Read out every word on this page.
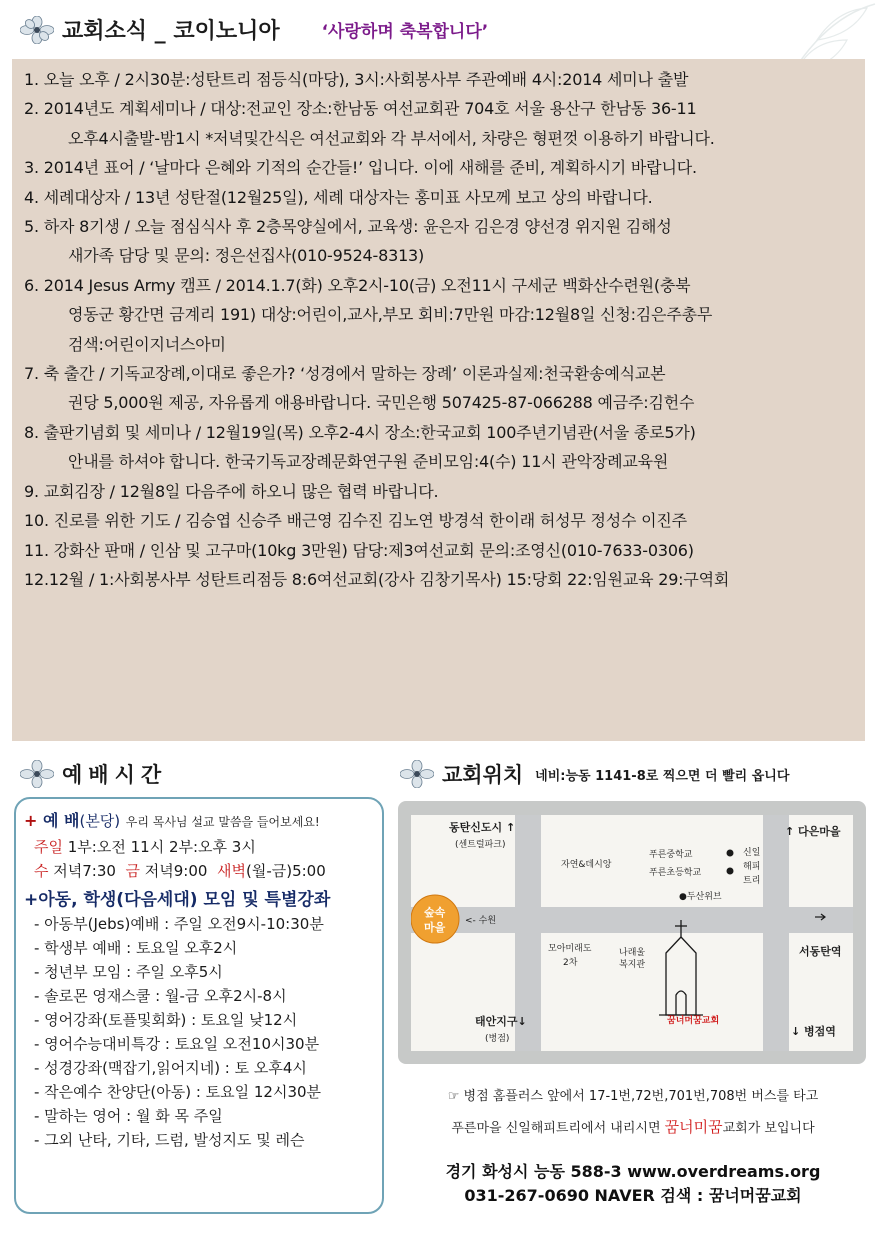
교회소식 _ 코이노니아 ‘사랑하며 축복합니다’
1. 오늘 오후 / 2시30분:성탄트리 점등식(마당), 3시:사회봉사부 주관예배 4시:2014 세미나 출발
2. 2014년도 계획세미나 / 대상:전교인 장소:한남동 여선교회관 704호 서울 용산구 한남동 36-11
오후4시출발-밤1시 *저녁및간식은 여선교회와 각 부서에서, 차량은 형편껏 이용하기 바랍니다.
3. 2014년 표어 / ‘날마다 은혜와 기적의 순간들!’ 입니다. 이에 새해를 준비, 계획하시기 바랍니다.
4. 세례대상자 / 13년 성탄절(12월25일), 세례 대상자는 홍미표 사모께 보고 상의 바랍니다.
5. 하자 8기생 / 오늘 점심식사 후 2층목양실에서, 교육생: 윤은자 김은경 양선경 위지원 김해성
새가족 담당 및 문의: 정은선집사(010-9524-8313)
6. 2014 Jesus Army 캠프 / 2014.1.7(화) 오후2시-10(금) 오전11시 구세군 백화산수련원(충북
영동군 황간면 금계리 191) 대상:어린이,교사,부모 회비:7만원 마감:12월8일 신청:김은주총무
검색:어린이지너스아미
7. 축 출간 / 기독교장례,이대로 좋은가? ‘성경에서 말하는 장례’ 이론과실제:천국환송예식교본
권당 5,000원 제공, 자유롭게 애용바랍니다. 국민은행 507425-87-066288 예금주:김헌수
8. 출판기념회 및 세미나 / 12월19일(목) 오후2-4시 장소:한국교회 100주년기념관(서울 종로5가)
안내를 하셔야 합니다. 한국기독교장례문화연구원 준비모임:4(수) 11시 관악장례교육원
9. 교회김장 / 12월8일 다음주에 하오니 많은 협력 바랍니다.
10. 진로를 위한 기도 / 김승엽 신승주 배근영 김수진 김노연 방경석 한이래 허성무 정성수 이진주
11. 강화산 판매 / 인삼 및 고구마(10kg 3만원) 담당:제3여선교회 문의:조영신(010-7633-0306)
12.12월 / 1:사회봉사부 성탄트리점등 8:6여선교회(강사 김창기목사) 15:당회 22:임원교육 29:구역회
예배시간	교회위치 네비:능동 1141-8로 찍으면 더 빨리 옵니다
+ 예 배(본당) 우리 목사님 설교 말씀을 들어보세요!
주일 1부:오전 11시 2부:오후 3시
수 저녁7:30 금 저녁9:00 새벽(월-금)5:00
+아동, 학생(다음세대) 모임 및 특별강좌
- 아동부(Jebs)예배 : 주일 오전9시-10:30분
- 학생부 예배 : 토요일 오후2시
- 청년부 모임 : 주일 오후5시
- 솔로몬 영재스쿨 : 월-금 오후2시-8시
- 영어강좌(토플및회화) : 토요일 낮12시
- 영어수능대비특강 : 토요일 오전10시30분
- 성경강좌(맥잡기,읽어지네) : 토 오후4시
- 작은예수 찬양단(아동) : 토요일 12시30분
- 말하는 영어 : 월 화 목 주일
- 그외 난타, 기타, 드럼, 발성지도 및 레슨
동탄신도시 ↑
(센트럴파크)
자연&데시앙
푸른중학교
푸른초등학교
신일
해피
트리
↑ 다은마을
<- 수원
●두산위브
숲속
마을
모아미래도
2차
나래울
복지관
서동탄역
꿈너머꿈교회
태안지구↓
(병점)
↓ 병점역
☞ 병점 홈플러스 앞에서 17-1번,72번,701번,708번 버스를 타고
푸른마을 신일해피트리에서 내리시면 꿈너미꿈교회가 보입니다
경기 화성시 능동 588-3 www.overdreams.org
031-267-0690 NAVER 검색 : 꿈너머꿈교회
